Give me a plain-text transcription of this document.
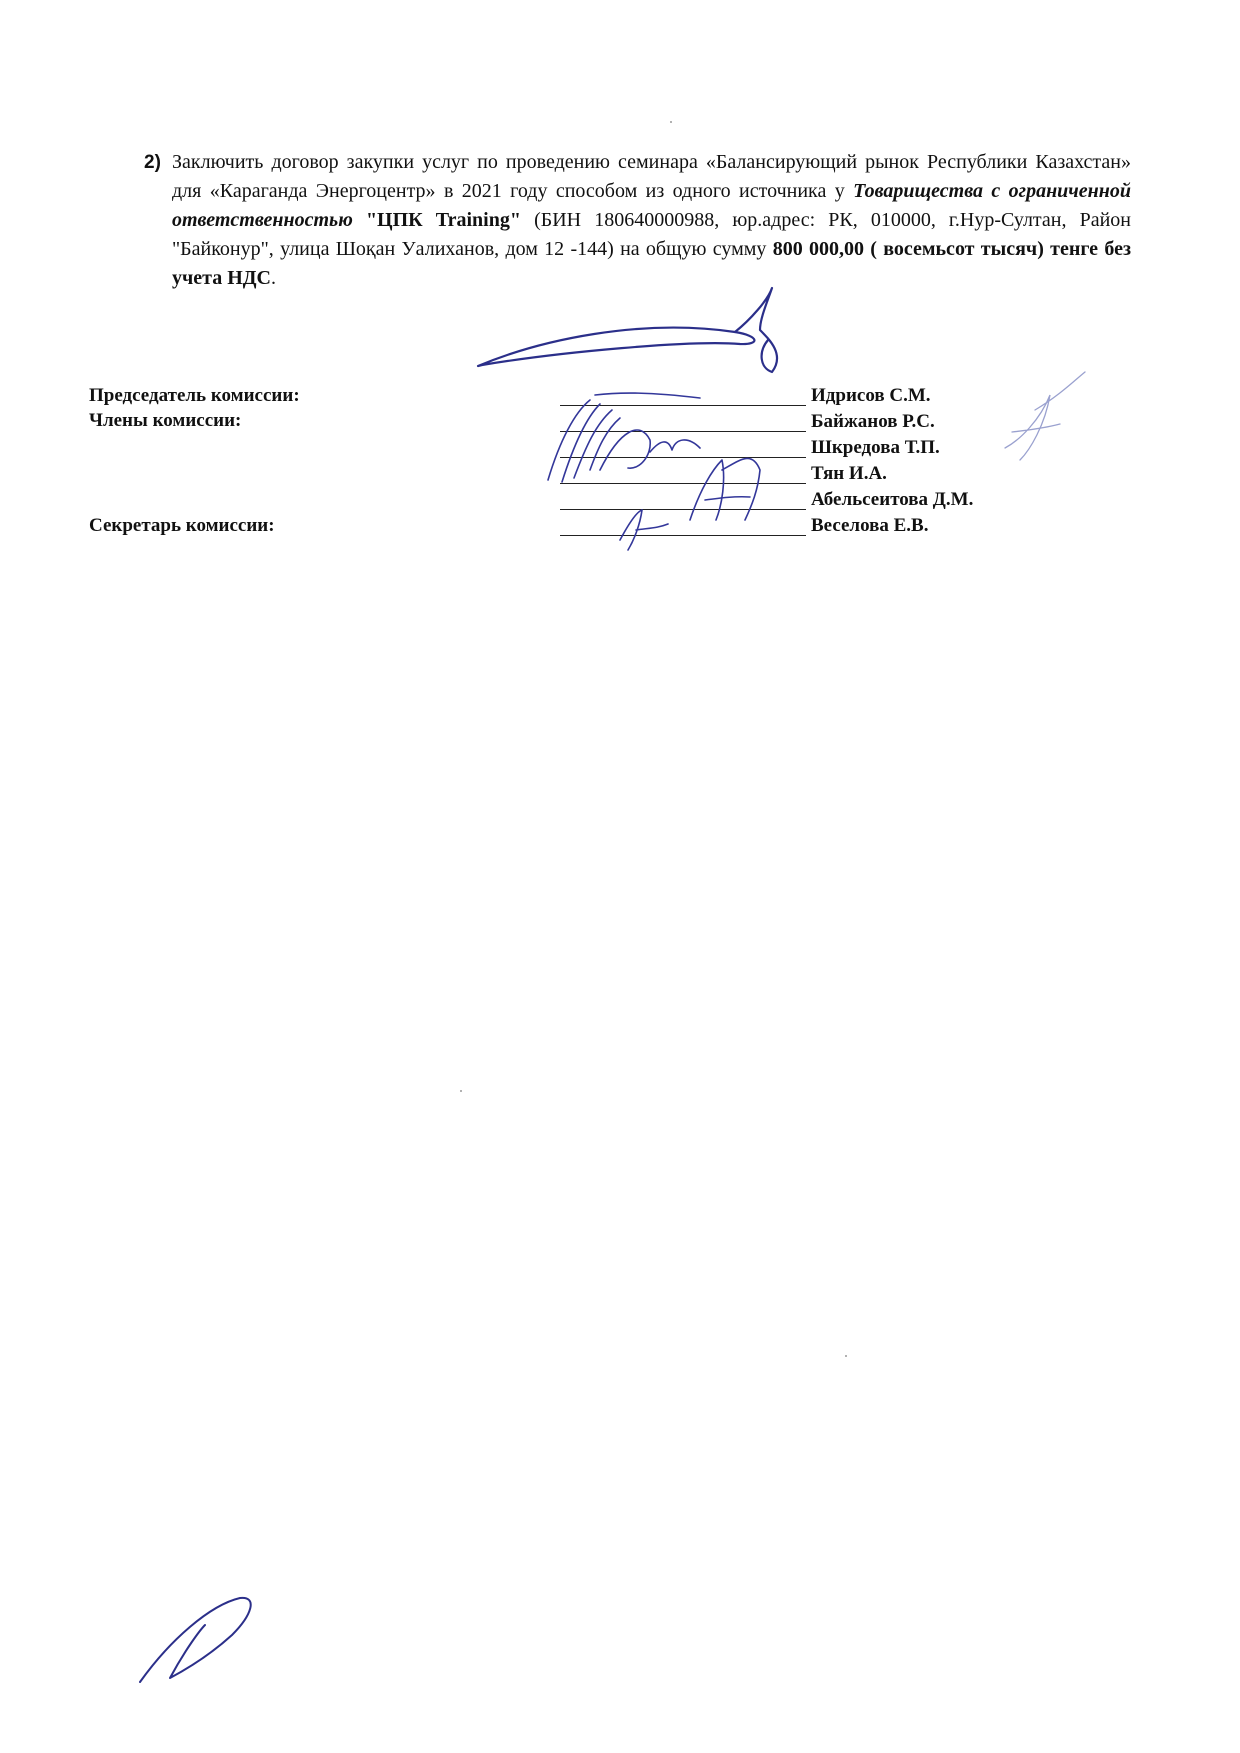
2) Заключить договор закупки услуг по проведению семинара «Балансирующий рынок Республики Казахстан» для «Караганда Энергоцентр» в 2021 году способом из одного источника у Товарищества с ограниченной ответственностью "ЦПК Training" (БИН 180640000988, юр.адрес: РК, 010000, г.Нур-Султан, Район "Байконур", улица Шоқан Уалиханов, дом 12 -144) на общую сумму 800 000,00 ( восемьсот тысяч) тенге без учета НДС.
Председатель комиссии:
Члены комиссии:
Секретарь комиссии:
Идрисов С.М.
Байжанов Р.С.
Шкредова Т.П.
Тян И.А.
Абельсеитова Д.М.
Веселова Е.В.
